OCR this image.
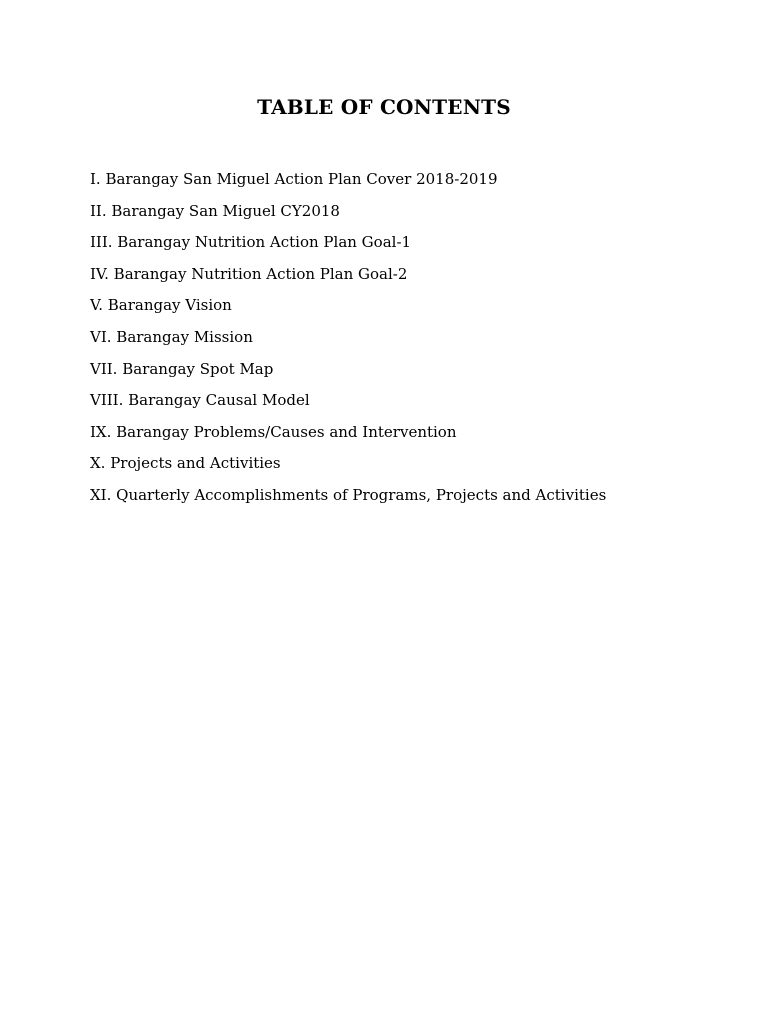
TABLE OF CONTENTS
I. Barangay San Miguel Action Plan Cover 2018-2019
II. Barangay San Miguel CY2018
III. Barangay Nutrition Action Plan Goal-1
IV. Barangay Nutrition Action Plan Goal-2
V. Barangay Vision
VI. Barangay Mission
VII. Barangay Spot Map
VIII. Barangay Causal Model
IX. Barangay Problems/Causes and Intervention
X. Projects and Activities
XI. Quarterly Accomplishments of Programs, Projects and Activities
